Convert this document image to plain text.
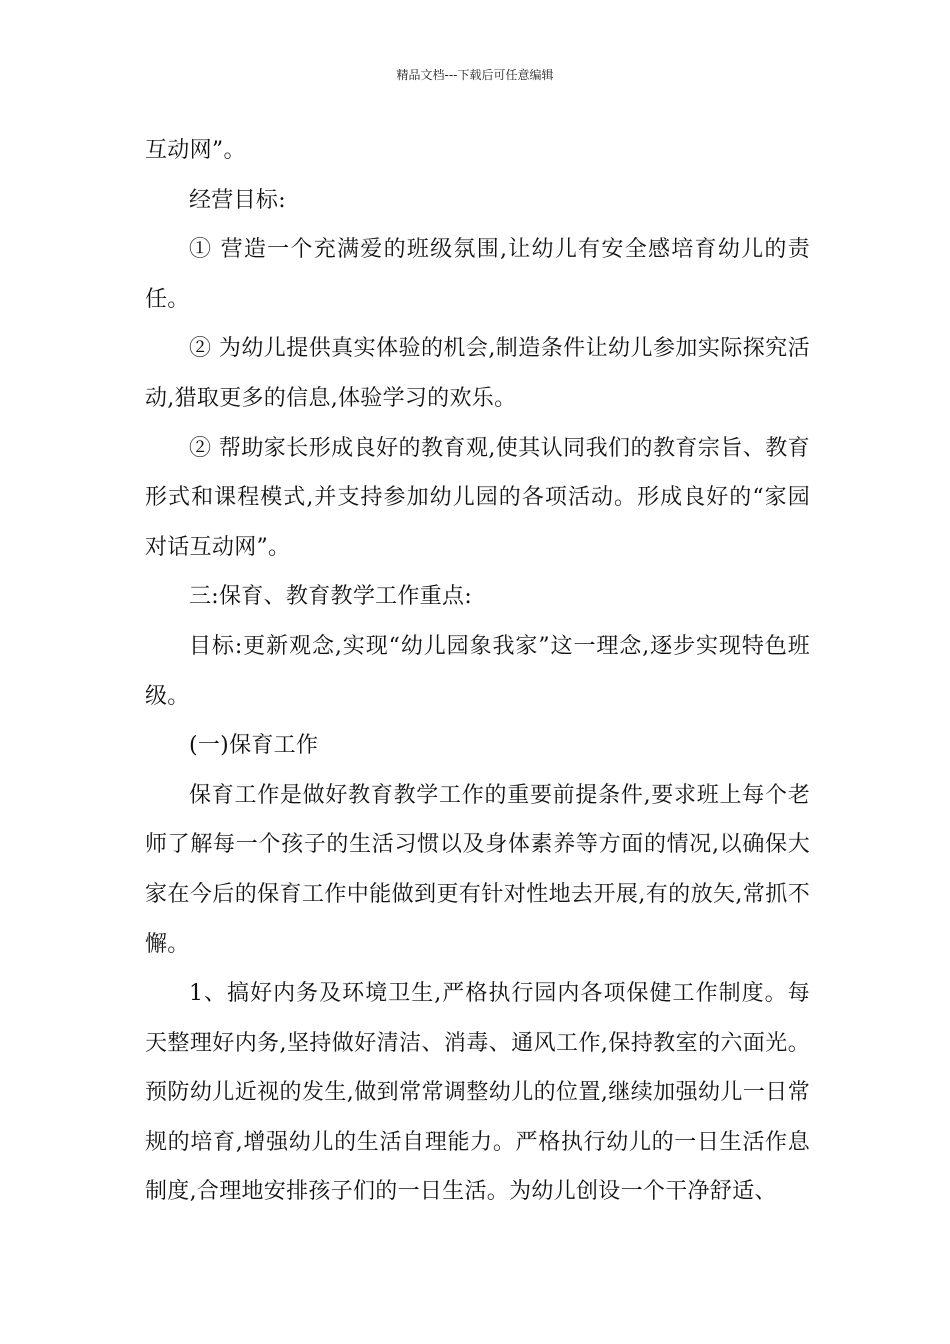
精品文档---下载后可任意编辑

互动网”。

经营目标:

① 营造一个充满爱的班级氛围,让幼儿有安全感培育幼儿的责任。

② 为幼儿提供真实体验的机会,制造条件让幼儿参加实际探究活动,猎取更多的信息,体验学习的欢乐。

② 帮助家长形成良好的教育观,使其认同我们的教育宗旨、教育形式和课程模式,并支持参加幼儿园的各项活动。形成良好的“家园对话互动网”。

三:保育、教育教学工作重点:

目标:更新观念,实现“幼儿园象我家”这一理念,逐步实现特色班级。

(一)保育工作

保育工作是做好教育教学工作的重要前提条件,要求班上每个老师了解每一个孩子的生活习惯以及身体素养等方面的情况,以确保大家在今后的保育工作中能做到更有针对性地去开展,有的放矢,常抓不懈。

1、搞好内务及环境卫生,严格执行园内各项保健工作制度。每天整理好内务,坚持做好清洁、消毒、通风工作,保持教室的六面光。预防幼儿近视的发生,做到常常调整幼儿的位置,继续加强幼儿一日常规的培育,增强幼儿的生活自理能力。严格执行幼儿的一日生活作息制度,合理地安排孩子们的一日生活。为幼儿创设一个干净舒适、
